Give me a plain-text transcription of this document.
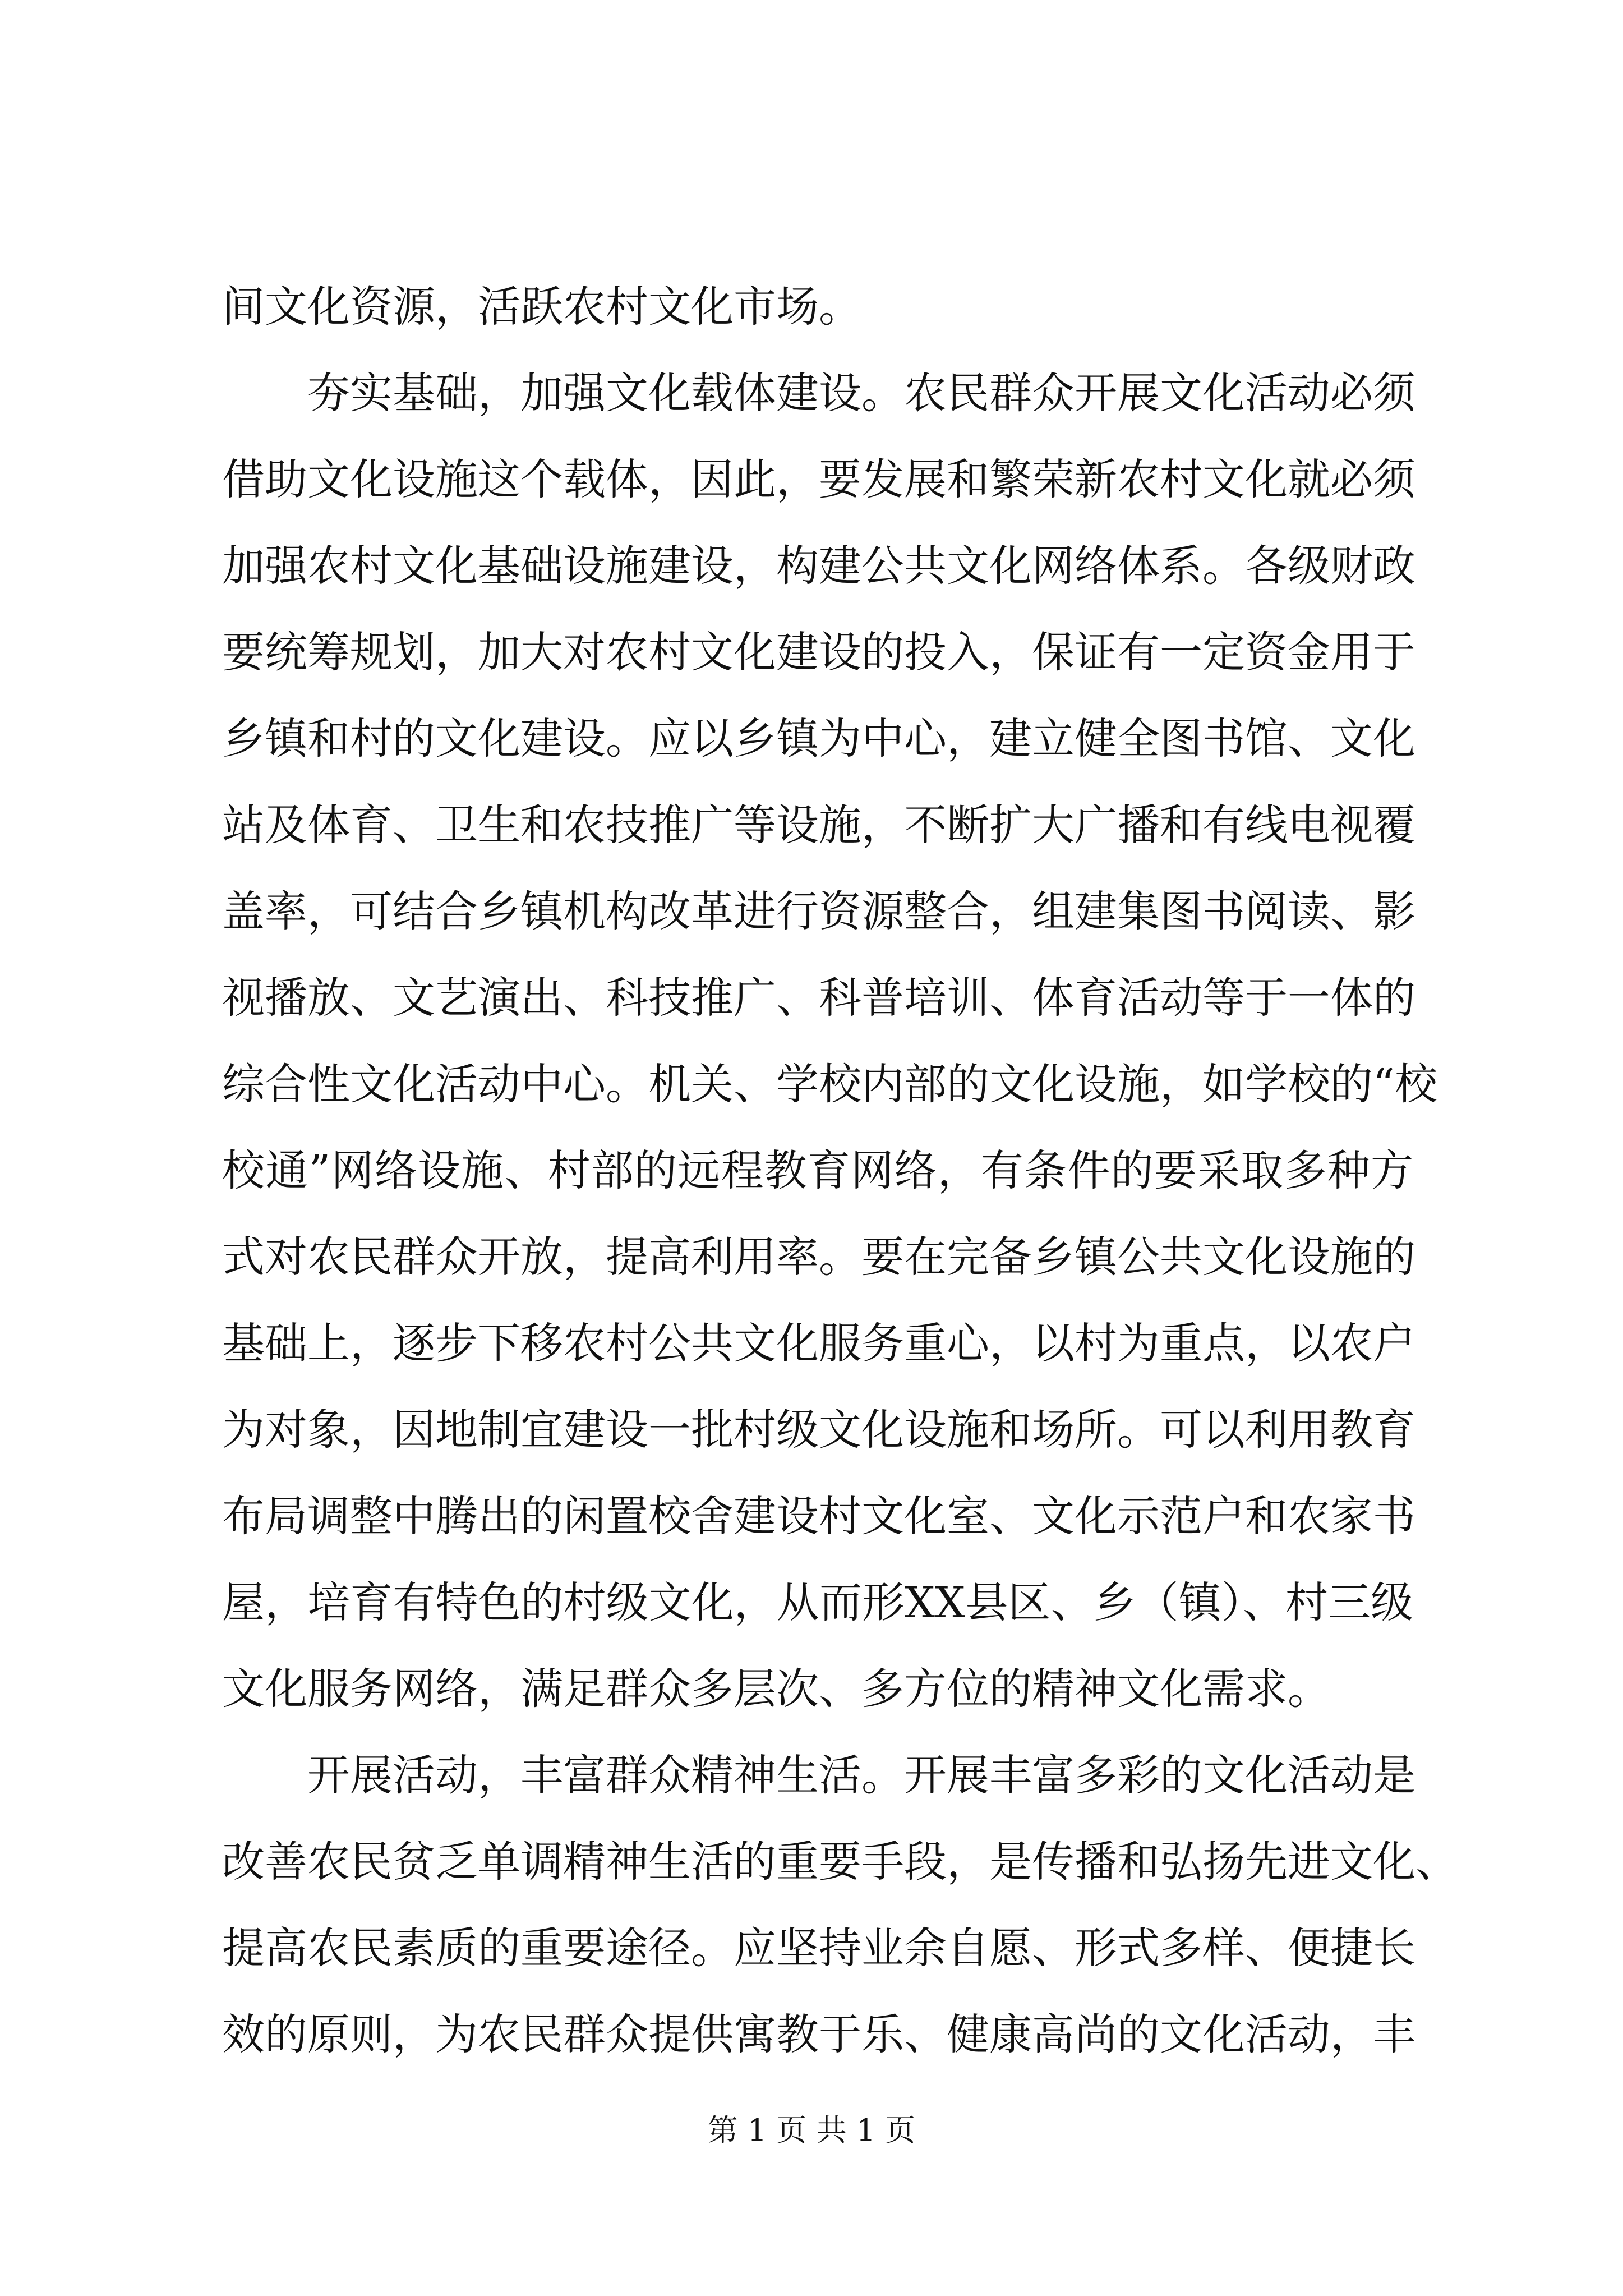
间文化资源，活跃农村文化市场。
夯实基础，加强文化载体建设。农民群众开展文化活动必须
借助文化设施这个载体，因此，要发展和繁荣新农村文化就必须
加强农村文化基础设施建设，构建公共文化网络体系。各级财政
要统筹规划，加大对农村文化建设的投入，保证有一定资金用于
乡镇和村的文化建设。应以乡镇为中心，建立健全图书馆、文化
站及体育、卫生和农技推广等设施，不断扩大广播和有线电视覆
盖率，可结合乡镇机构改革进行资源整合，组建集图书阅读、影
视播放、文艺演出、科技推广、科普培训、体育活动等于一体的
综合性文化活动中心。机关、学校内部的文化设施，如学校的“校
校通”网络设施、村部的远程教育网络，有条件的要采取多种方
式对农民群众开放，提高利用率。要在完备乡镇公共文化设施的
基础上，逐步下移农村公共文化服务重心，以村为重点，以农户
为对象，因地制宜建设一批村级文化设施和场所。可以利用教育
布局调整中腾出的闲置校舍建设村文化室、文化示范户和农家书
屋，培育有特色的村级文化，从而形XX县区、乡（镇）、村三级
文化服务网络，满足群众多层次、多方位的精神文化需求。
开展活动，丰富群众精神生活。开展丰富多彩的文化活动是
改善农民贫乏单调精神生活的重要手段，是传播和弘扬先进文化、
提高农民素质的重要途径。应坚持业余自愿、形式多样、便捷长
效的原则，为农民群众提供寓教于乐、健康高尚的文化活动，丰
第 1 页 共 1 页
